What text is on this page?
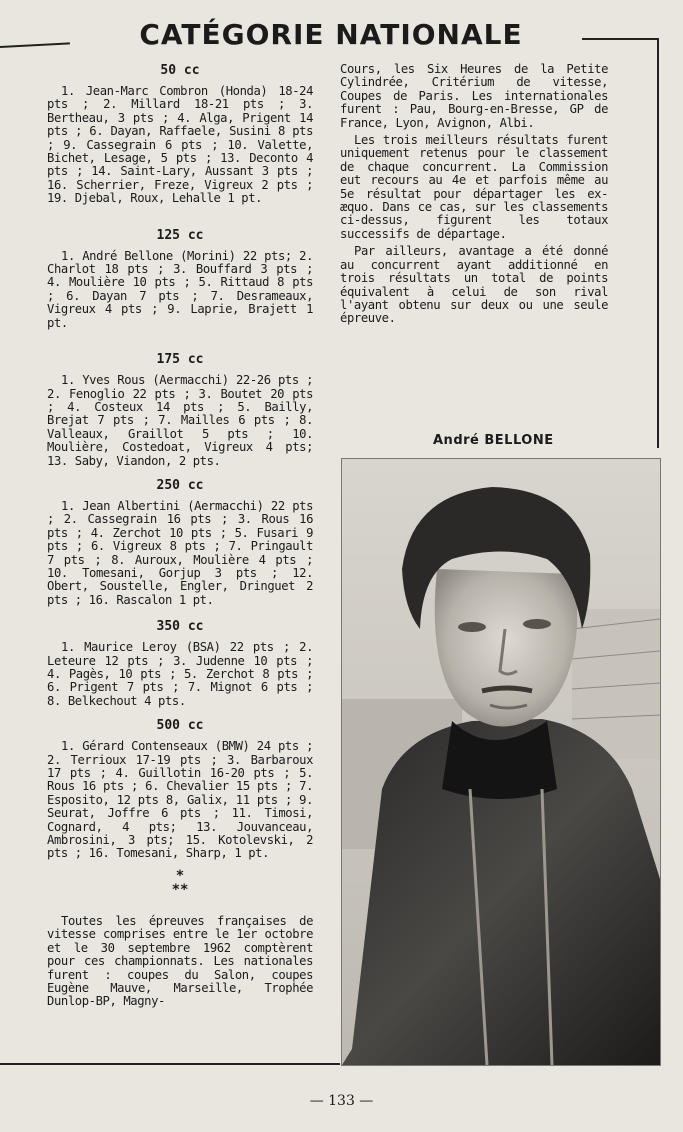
CATÉGORIE NATIONALE
50 cc

1. Jean-Marc Combron (Honda) 18-24 pts ; 2. Millard 18-21 pts ; 3. Bertheau, 3 pts ; 4. Alga, Prigent 14 pts ; 6. Dayan, Raffaele, Susini 8 pts ; 9. Cassegrain 6 pts ; 10. Valette, Bichet, Lesage, 5 pts ; 13. Deconto 4 pts ; 14. Saint-Lary, Aussant 3 pts ; 16. Scherrier, Freze, Vigreux 2 pts ; 19. Djebal, Roux, Lehalle 1 pt.

125 cc

1. André Bellone (Morini) 22 pts; 2. Charlot 18 pts ; 3. Bouffard 3 pts ; 4. Moulière 10 pts ; 5. Rittaud 8 pts ; 6. Dayan 7 pts ; 7. Desrameaux, Vigreux 4 pts ; 9. Laprie, Brajett 1 pt.

175 cc

1. Yves Rous (Aermacchi) 22-26 pts ; 2. Fenoglio 22 pts ; 3. Boutet 20 pts ; 4. Costeux 14 pts ; 5. Bailly, Brejat 7 pts ; 7. Mailles 6 pts ; 8. Valleaux, Graillot 5 pts ; 10. Moulière, Costedoat, Vigreux 4 pts; 13. Saby, Viandon, 2 pts.

250 cc

1. Jean Albertini (Aermacchi) 22 pts ; 2. Cassegrain 16 pts ; 3. Rous 16 pts ; 4. Zerchot 10 pts ; 5. Fusari 9 pts ; 6. Vigreux 8 pts ; 7. Pringault 7 pts ; 8. Auroux, Moulière 4 pts ; 10. Tomesani, Gorjup 3 pts ; 12. Obert, Soustelle, Engler, Dringuet 2 pts ; 16. Rascalon 1 pt.

350 cc

1. Maurice Leroy (BSA) 22 pts ; 2. Leteure 12 pts ; 3. Judenne 10 pts ; 4. Pagès, 10 pts ; 5. Zerchot 8 pts ; 6. Prigent 7 pts ; 7. Mignot 6 pts ; 8. Belkechout 4 pts.

500 cc

1. Gérard Contenseaux (BMW) 24 pts ; 2. Terrioux 17-19 pts ; 3. Barbaroux 17 pts ; 4. Guillotin 16-20 pts ; 5. Rous 16 pts ; 6. Chevalier 15 pts ; 7. Esposito, 12 pts 8, Galix, 11 pts ; 9. Seurat, Joffre 6 pts ; 11. Timosi, Cognard, 4 pts; 13. Jouvanceau, Ambrosini, 3 pts; 15. Kotolevski, 2 pts ; 16. Tomesani, Sharp, 1 pt.

*
**

Toutes les épreuves françaises de vitesse comprises entre le 1er octobre et le 30 septembre 1962 comptèrent pour ces championnats. Les nationales furent : coupes du Salon, coupes Eugène Mauve, Marseille, Trophée Dunlop-BP, Magny-

Cours, les Six Heures de la Petite Cylindrée, Critérium de vitesse, Coupes de Paris. Les internationales furent : Pau, Bourg-en-Bresse, GP de France, Lyon, Avignon, Albi.

Les trois meilleurs résultats furent uniquement retenus pour le classement de chaque concurrent. La Commission eut recours au 4e et parfois même au 5e résultat pour départager les ex-æquo. Dans ce cas, sur les classements ci-dessus, figurent les totaux successifs de départage.

Par ailleurs, avantage a été donné au concurrent ayant additionné en trois résultats un total de points équivalent à celui de son rival l'ayant obtenu sur deux ou une seule épreuve.

André BELLONE

— 133 —
